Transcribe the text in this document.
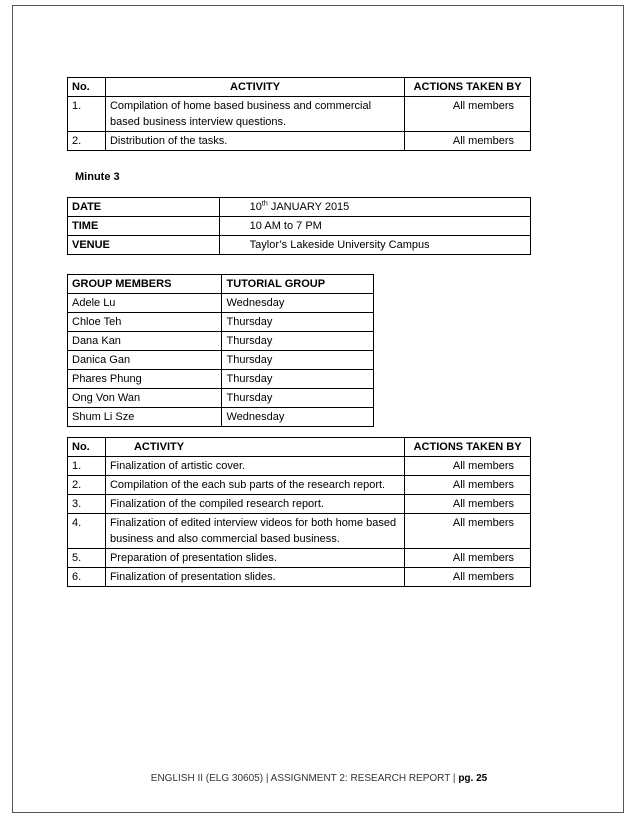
No.	ACTIVITY	ACTIONS TAKEN BY
1.	Compilation of home based business and commercial based business interview questions.	All members
2.	Distribution of the tasks.	All members
Minute 3
DATE	10th JANUARY 2015
TIME	10 AM to 7 PM
VENUE	Taylor’s Lakeside University Campus
GROUP MEMBERS	TUTORIAL GROUP
Adele Lu	Wednesday
Chloe Teh	Thursday
Dana Kan	Thursday
Danica Gan	Thursday
Phares Phung	Thursday
Ong Von Wan	Thursday
Shum Li Sze	Wednesday
No.	ACTIVITY	ACTIONS TAKEN BY
1.	Finalization of artistic cover.	All members
2.	Compilation of the each sub parts of the research report.	All members
3.	Finalization of the compiled research report.	All members
4.	Finalization of edited interview videos for both home based business and also commercial based business.	All members
5.	Preparation of presentation slides.	All members
6.	Finalization of presentation slides.	All members
ENGLISH II (ELG 30605) | ASSIGNMENT 2: RESEARCH REPORT | pg. 25
